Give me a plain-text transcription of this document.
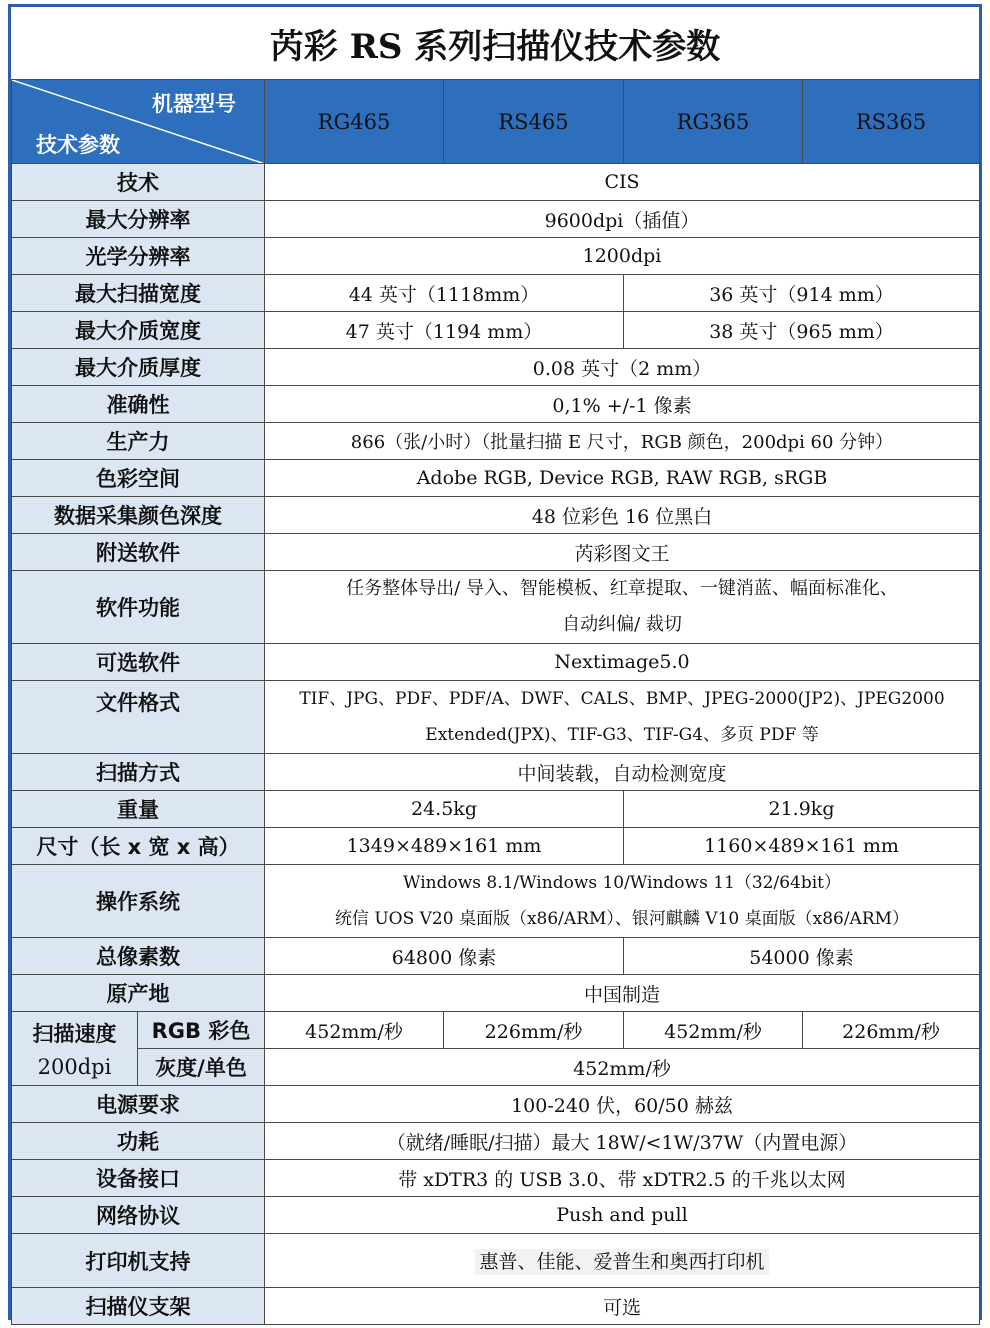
芮彩 RS 系列扫描仪技术参数
机器型号
技术参数		RG465	RS465	RG365	RS365
技术		CIS			
最大分辨率		9600dpi（插值）			
光学分辨率		1200dpi			
最大扫描宽度		44 英寸（1118mm）		36 英寸（914 mm）	
最大介质宽度		47 英寸（1194 mm）		38 英寸（965 mm）	
最大介质厚度		0.08 英寸（2 mm）			
准确性		0,1% +/-1 像素			
生产力		866（张/小时）（批量扫描 E 尺寸，RGB 颜色，200dpi 60 分钟）			
色彩空间		Adobe RGB, Device RGB, RAW RGB, sRGB			
数据采集颜色深度		48 位彩色 16 位黑白			
附送软件		芮彩图文王			
软件功能		任务整体导出/ 导入、智能模板、红章提取、一键消蓝、幅面标准化、
自动纠偏/ 裁切			

可选软件		Nextimage5.0			
文件格式		TIF、JPG、PDF、PDF/A、DWF、CALS、BMP、JPEG-2000(JP2)、JPEG2000
Extended(JPX)、TIF-G3、TIF-G4、多页 PDF 等			

扫描方式		中间装载，自动检测宽度			
重量		24.5kg		21.9kg	
尺寸（长 x 宽 x 高）		1349×489×161 mm		1160×489×161 mm	
操作系统		Windows 8.1/Windows 10/Windows 11（32/64bit）
统信 UOS V20 桌面版（x86/ARM）、银河麒麟 V10 桌面版（x86/ARM）			

总像素数		64800 像素		54000 像素	
原产地		中国制造			
扫描速度	RGB 彩色	452mm/秒	226mm/秒	452mm/秒	226mm/秒
200dpi	灰度/单色	452mm/秒			
电源要求		100-240 伏，60/50 赫兹			
功耗		（就绪/睡眠/扫描）最大 18W/<1W/37W（内置电源）			
设备接口		带 xDTR3 的 USB 3.0、带 xDTR2.5 的千兆以太网			
网络协议		Push and pull			
打印机支持		惠普、佳能、爱普生和奥西打印机			
扫描仪支架		可选			
